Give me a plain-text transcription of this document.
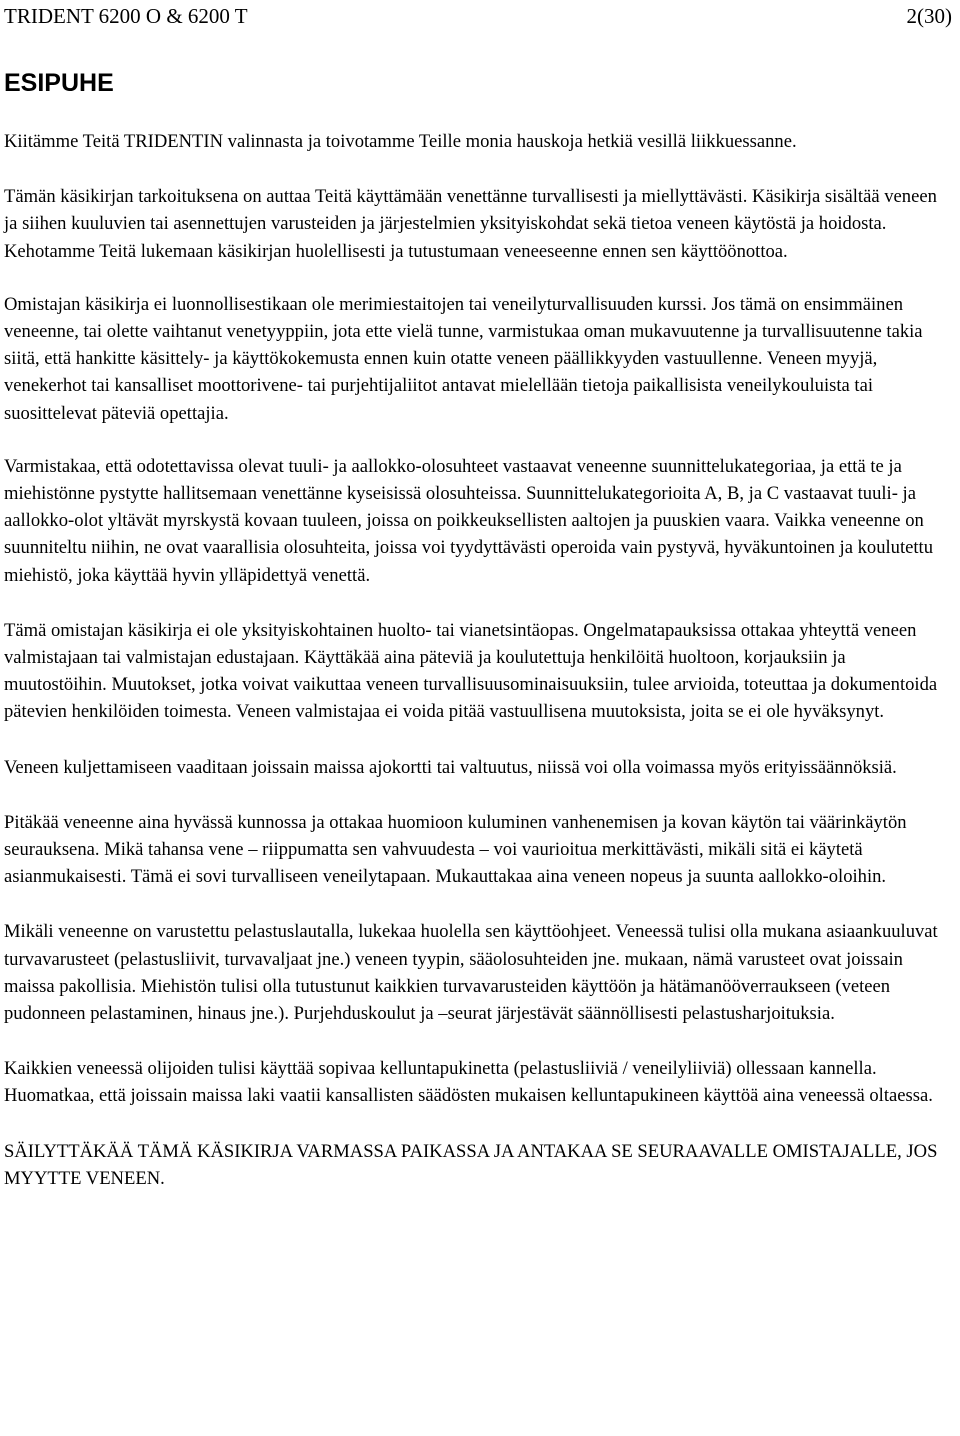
TRIDENT 6200 O & 6200 T	2(30)
ESIPUHE

Kiitämme Teitä TRIDENTIN valinnasta ja toivotamme Teille monia hauskoja hetkiä vesillä liikkuessanne.

Tämän käsikirjan tarkoituksena on auttaa Teitä käyttämään venettänne turvallisesti ja miellyttävästi. Käsikirja sisältää veneen ja siihen kuuluvien tai asennettujen varusteiden ja järjestelmien yksityiskohdat sekä tietoa veneen käytöstä ja hoidosta. Kehotamme Teitä lukemaan käsikirjan huolellisesti ja tutustumaan veneeseenne ennen sen käyttöönottoa.

Omistajan käsikirja ei luonnollisestikaan ole merimiestaitojen tai veneilyturvallisuuden kurssi. Jos tämä on ensimmäinen veneenne, tai olette vaihtanut venetyyppiin, jota ette vielä tunne, varmistukaa oman mukavuutenne ja turvallisuutenne takia siitä, että hankitte käsittely- ja käyttökokemusta ennen kuin otatte veneen päällikkyyden vastuullenne. Veneen myyjä, venekerhot tai kansalliset moottorivene- tai purjehtijaliitot antavat mielellään tietoja paikallisista veneilykouluista tai suosittelevat päteviä opettajia.

Varmistakaa, että odotettavissa olevat tuuli- ja aallokko-olosuhteet vastaavat veneenne suunnittelukategoriaa, ja että te ja miehistönne pystytte hallitsemaan venettänne kyseisissä olosuhteissa. Suunnittelukategorioita A, B, ja C vastaavat tuuli- ja aallokko-olot yltävät myrskystä kovaan tuuleen, joissa on poikkeuksellisten aaltojen ja puuskien vaara. Vaikka veneenne on suunniteltu niihin, ne ovat vaarallisia olosuhteita, joissa voi tyydyttävästi operoida vain pystyvä, hyväkuntoinen ja koulutettu miehistö, joka käyttää hyvin ylläpidettyä venettä.

Tämä omistajan käsikirja ei ole yksityiskohtainen huolto- tai vianetsintäopas. Ongelmatapauksissa ottakaa yhteyttä veneen valmistajaan tai valmistajan edustajaan. Käyttäkää aina päteviä ja koulutettuja henkilöitä huoltoon, korjauksiin ja muutostöihin. Muutokset, jotka voivat vaikuttaa veneen turvallisuusominaisuuksiin, tulee arvioida, toteuttaa ja dokumentoida pätevien henkilöiden toimesta. Veneen valmistajaa ei voida pitää vastuullisena muutoksista, joita se ei ole hyväksynyt.

Veneen kuljettamiseen vaaditaan joissain maissa ajokortti tai valtuutus, niissä voi olla voimassa myös erityissäännöksiä.

Pitäkää veneenne aina hyvässä kunnossa ja ottakaa huomioon kuluminen vanhenemisen ja kovan käytön tai väärinkäytön seurauksena. Mikä tahansa vene – riippumatta sen vahvuudesta – voi vaurioitua merkittävästi, mikäli sitä ei käytetä asianmukaisesti. Tämä ei sovi turvalliseen veneilytapaan. Mukauttakaa aina veneen nopeus ja suunta aallokko-oloihin.

Mikäli veneenne on varustettu pelastuslautalla, lukekaa huolella sen käyttöohjeet. Veneessä tulisi olla mukana asiaankuuluvat turvavarusteet (pelastusliivit, turvavaljaat jne.) veneen tyypin, sääolosuhteiden jne. mukaan, nämä varusteet ovat joissain maissa pakollisia. Miehistön tulisi olla tutustunut kaikkien turvavarusteiden käyttöön ja hätämanööverraukseen (veteen pudonneen pelastaminen, hinaus jne.). Purjehduskoulut ja –seurat järjestävät säännöllisesti pelastusharjoituksia.

Kaikkien veneessä olijoiden tulisi käyttää sopivaa kelluntapukinetta (pelastusliiviä / veneilyliiviä) ollessaan kannella. Huomatkaa, että joissain maissa laki vaatii kansallisten säädösten mukaisen kelluntapukineen käyttöä aina veneessä oltaessa.

SÄILYTTÄKÄÄ TÄMÄ KÄSIKIRJA VARMASSA PAIKASSA JA ANTAKAA SE SEURAAVALLE OMISTAJALLE, JOS MYYTTE VENEEN.
